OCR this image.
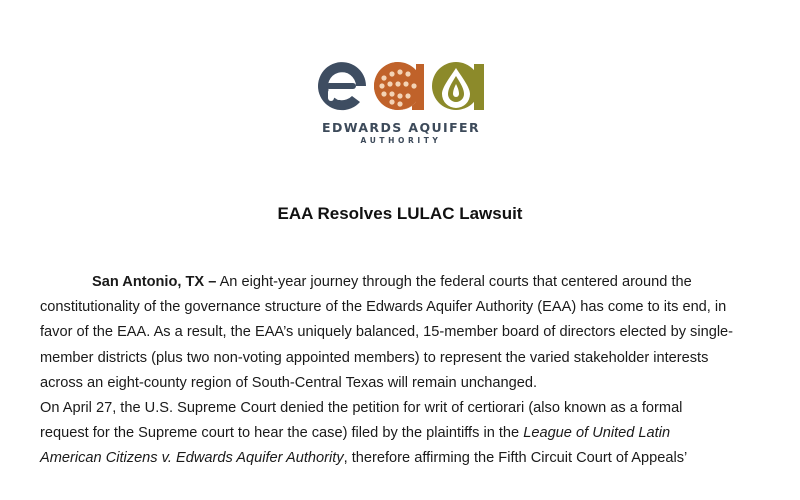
EDWARDS AQUIFER
AUTHORITY
EAA Resolves LULAC Lawsuit
San Antonio, TX – An eight-year journey through the federal courts that centered around the
constitutionality of the governance structure of the Edwards Aquifer Authority (EAA) has come to its end, in
favor of the EAA. As a result, the EAA’s uniquely balanced, 15-member board of directors elected by single-
member districts (plus two non-voting appointed members) to represent the varied stakeholder interests
across an eight-county region of South-Central Texas will remain unchanged.
On April 27, the U.S. Supreme Court denied the petition for writ of certiorari (also known as a formal
request for the Supreme court to hear the case) filed by the plaintiffs in the League of United Latin
American Citizens v. Edwards Aquifer Authority, therefore affirming the Fifth Circuit Court of Appeals’
